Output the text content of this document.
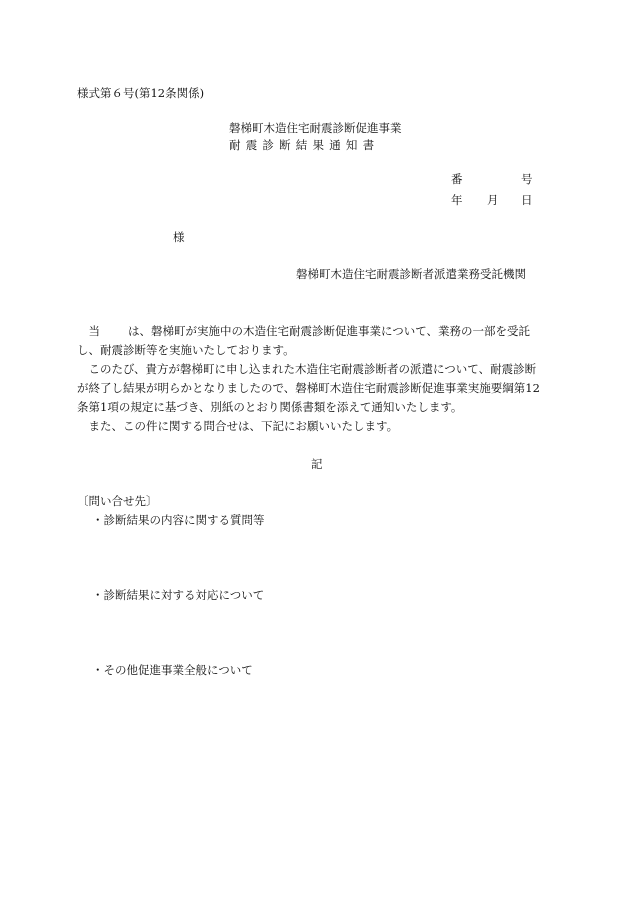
様式第６号(第12条関係)
磐梯町木造住宅耐震診断促進事業
耐震診断結果通知書
番	号
年 月 日
様
磐梯町木造住宅耐震診断者派遣業務受託機関
　当 は、磐梯町が実施中の木造住宅耐震診断促進事業について、業務の一部を受託
し、耐震診断等を実施いたしております。
　このたび、貴方が磐梯町に申し込まれた木造住宅耐震診断者の派遣について、耐震診断
が終了し結果が明らかとなりましたので、磐梯町木造住宅耐震診断促進事業実施要綱第12
条第1項の規定に基づき、別紙のとおり関係書類を添えて通知いたします。
　また、この件に関する問合せは、下記にお願いいたします。
記
〔問い合せ先〕
・診断結果の内容に関する質問等
・診断結果に対する対応について
・その他促進事業全般について
